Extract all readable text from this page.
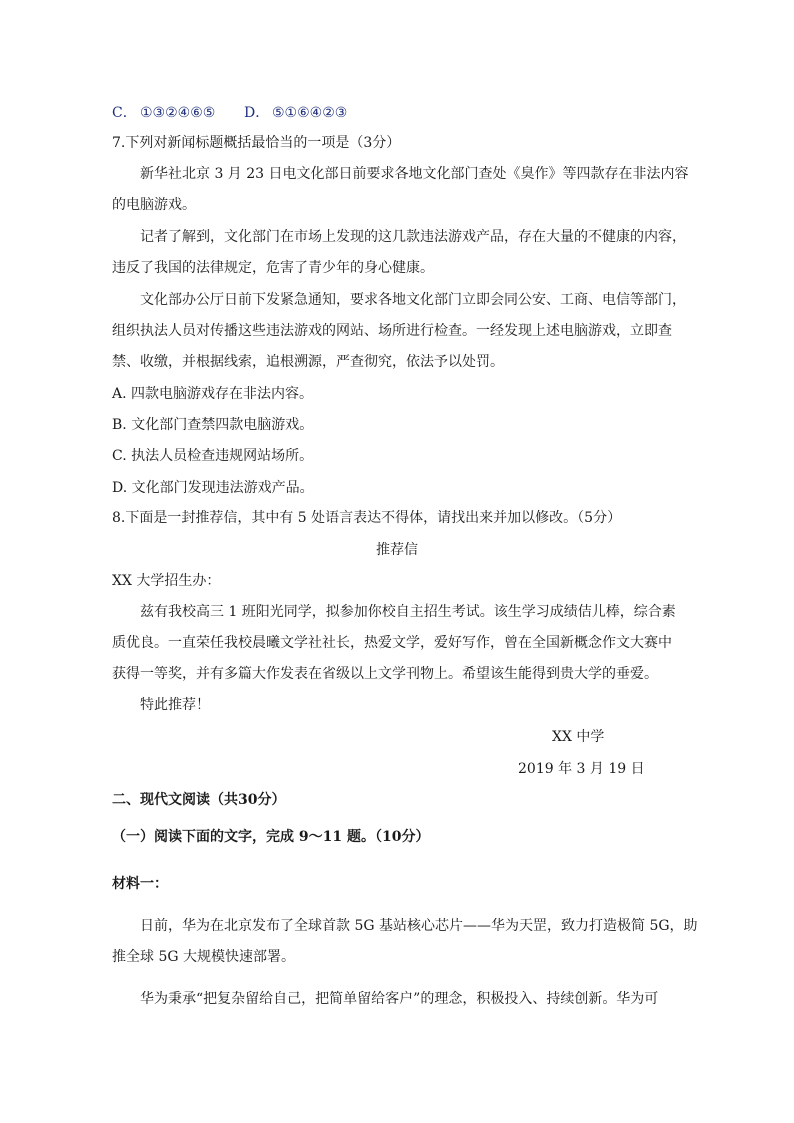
C． ①③②④⑥⑤ D． ⑤①⑥④②③
7.下列对新闻标题概括最恰当的一项是（3分）
新华社北京 3 月 23 日电文化部日前要求各地文化部门查处《臭作》等四款存在非法内容
的电脑游戏。
记者了解到，文化部门在市场上发现的这几款违法游戏产品，存在大量的不健康的内容，
违反了我国的法律规定，危害了青少年的身心健康。
文化部办公厅日前下发紧急通知，要求各地文化部门立即会同公安、工商、电信等部门，
组织执法人员对传播这些违法游戏的网站、场所进行检查。一经发现上述电脑游戏，立即查
禁、收缴，并根据线索，追根溯源，严查彻究，依法予以处罚。
A. 四款电脑游戏存在非法内容。
B. 文化部门查禁四款电脑游戏。
C. 执法人员检查违规网站场所。
D. 文化部门发现违法游戏产品。
8.下面是一封推荐信，其中有 5 处语言表达不得体，请找出来并加以修改。（5分）
推荐信
XX 大学招生办：
兹有我校高三 1 班阳光同学，拟参加你校自主招生考试。该生学习成绩佶儿棒，综合素
质优良。一直荣任我校晨曦文学社社长，热爱文学，爱好写作，曾在全国新概念作文大赛中
获得一等奖，并有多篇大作发表在省级以上文学刊物上。希望该生能得到贵大学的垂爱。
特此推荐！
XX 中学
2019 年 3 月 19 日
二、现代文阅读（共30分）
（一）阅读下面的文字，完成 9～11 题。（10分）
材料一：
日前，华为在北京发布了全球首款 5G 基站核心芯片——华为天罡，致力打造极简 5G，助
推全球 5G 大规模快速部署。
华为秉承“把复杂留给自己，把简单留给客户”的理念，积极投入、持续创新。华为可
